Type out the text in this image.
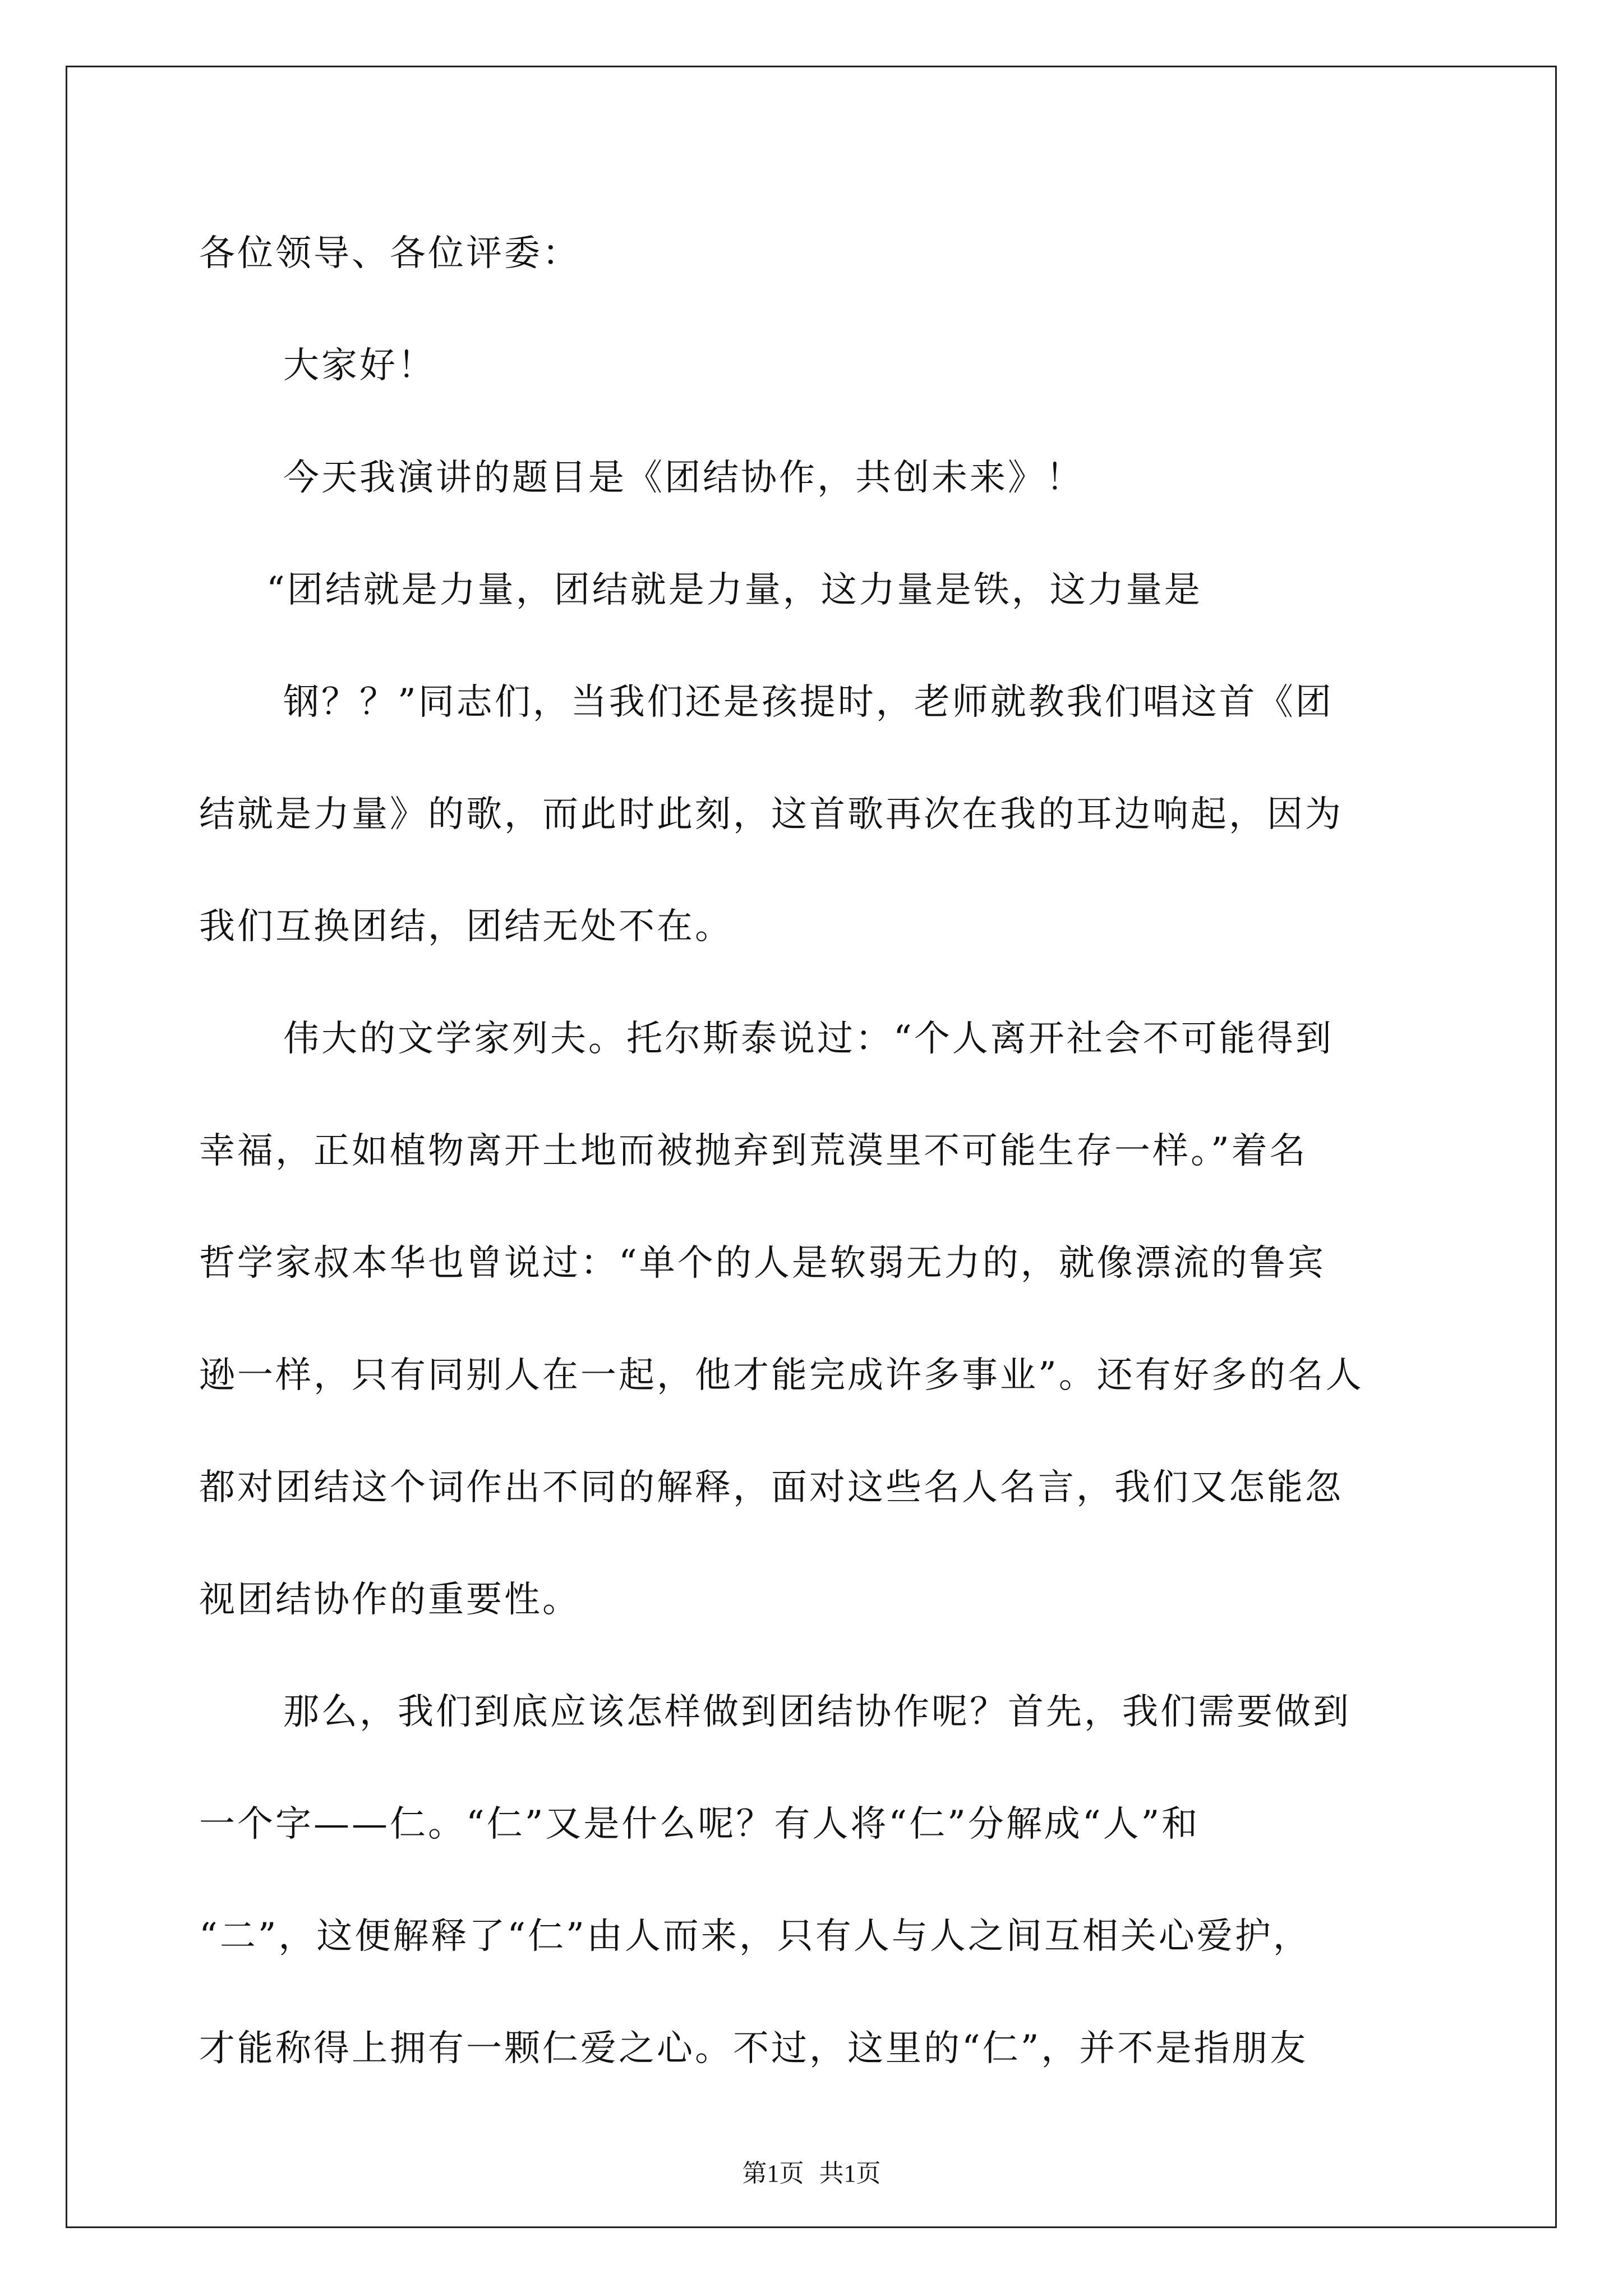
各位领导、各位评委：
大家好！
今天我演讲的题目是《团结协作，共创未来》！
“团结就是力量，团结就是力量，这力量是铁，这力量是
钢？？”同志们，当我们还是孩提时，老师就教我们唱这首《团
结就是力量》的歌，而此时此刻，这首歌再次在我的耳边响起，因为
我们互换团结，团结无处不在。
伟大的文学家列夫。托尔斯泰说过：“个人离开社会不可能得到
幸福，正如植物离开土地而被抛弃到荒漠里不可能生存一样。”着名
哲学家叔本华也曾说过：“单个的人是软弱无力的，就像漂流的鲁宾
逊一样，只有同别人在一起，他才能完成许多事业”。还有好多的名人
都对团结这个词作出不同的解释，面对这些名人名言，我们又怎能忽
视团结协作的重要性。
那么，我们到底应该怎样做到团结协作呢？首先，我们需要做到
一个字——仁。“仁”又是什么呢？有人将“仁”分解成“人”和
“二”，这便解释了“仁”由人而来，只有人与人之间互相关心爱护，
才能称得上拥有一颗仁爱之心。不过，这里的“仁”，并不是指朋友
第1页 共1页
